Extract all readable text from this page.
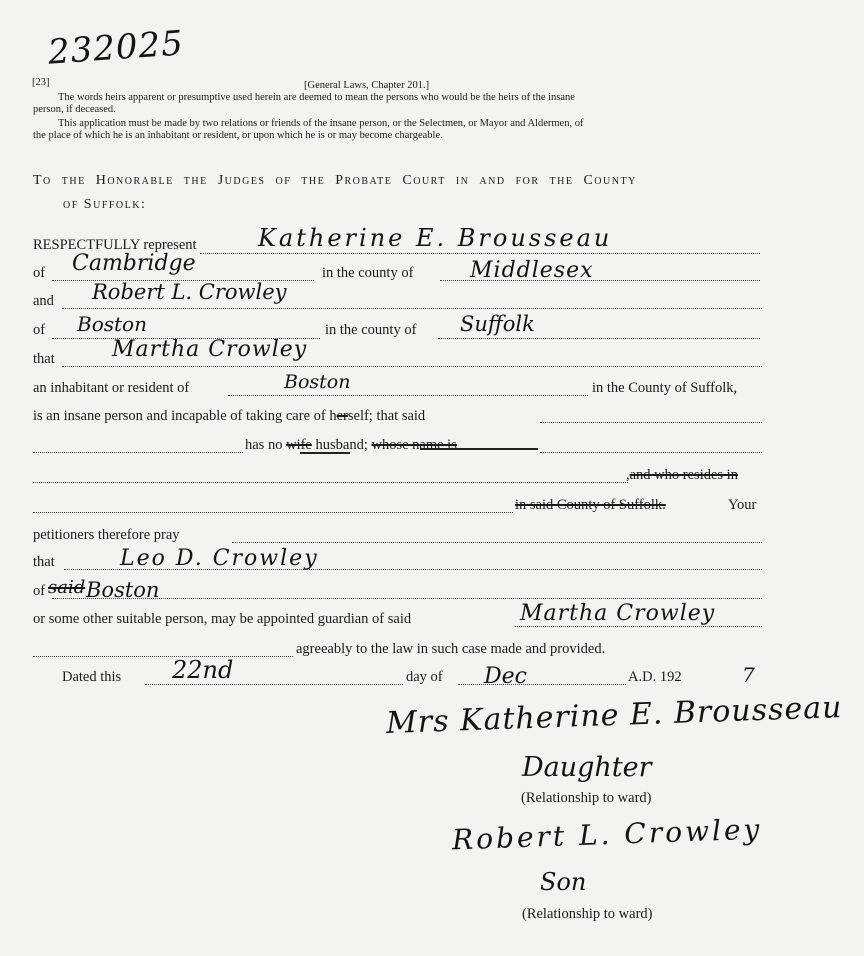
232025
[23]	[General Laws, Chapter 201.]
The words heirs apparent or presumptive used herein are deemed to mean the persons who would be the heirs of the insane
person, if deceased.
This application must be made by two relations or friends of the insane person, or the Selectmen, or Mayor and Aldermen, of
the place of which he is an inhabitant or resident, or upon which he is or may become chargeable.
To the Honorable the Judges of the Probate Court in and for the County
of Suffolk:
RESPECTFULLY represent
of	in the county of
and
of	in the county of
that
an inhabitant or resident of	in the County of Suffolk,
is an insane person and incapable of taking care of herself; that said
has no wife husband; whose name is
,and who resides in
in said County of Suffolk.	Your
petitioners therefore pray
that
of
or some other suitable person, may be appointed guardian of said
agreeably to the law in such case made and provided.
Dated this	day of	A.D. 192
Katherine E. Brousseau
Cambridge	Middlesex
Robert L. Crowley
Boston	Suffolk
Martha Crowley
Boston
Leo D. Crowley
said Boston
Martha Crowley
22nd	Dec	7
Mrs Katherine E. Brousseau
Daughter
(Relationship to ward)
Robert L. Crowley
Son
(Relationship to ward)
